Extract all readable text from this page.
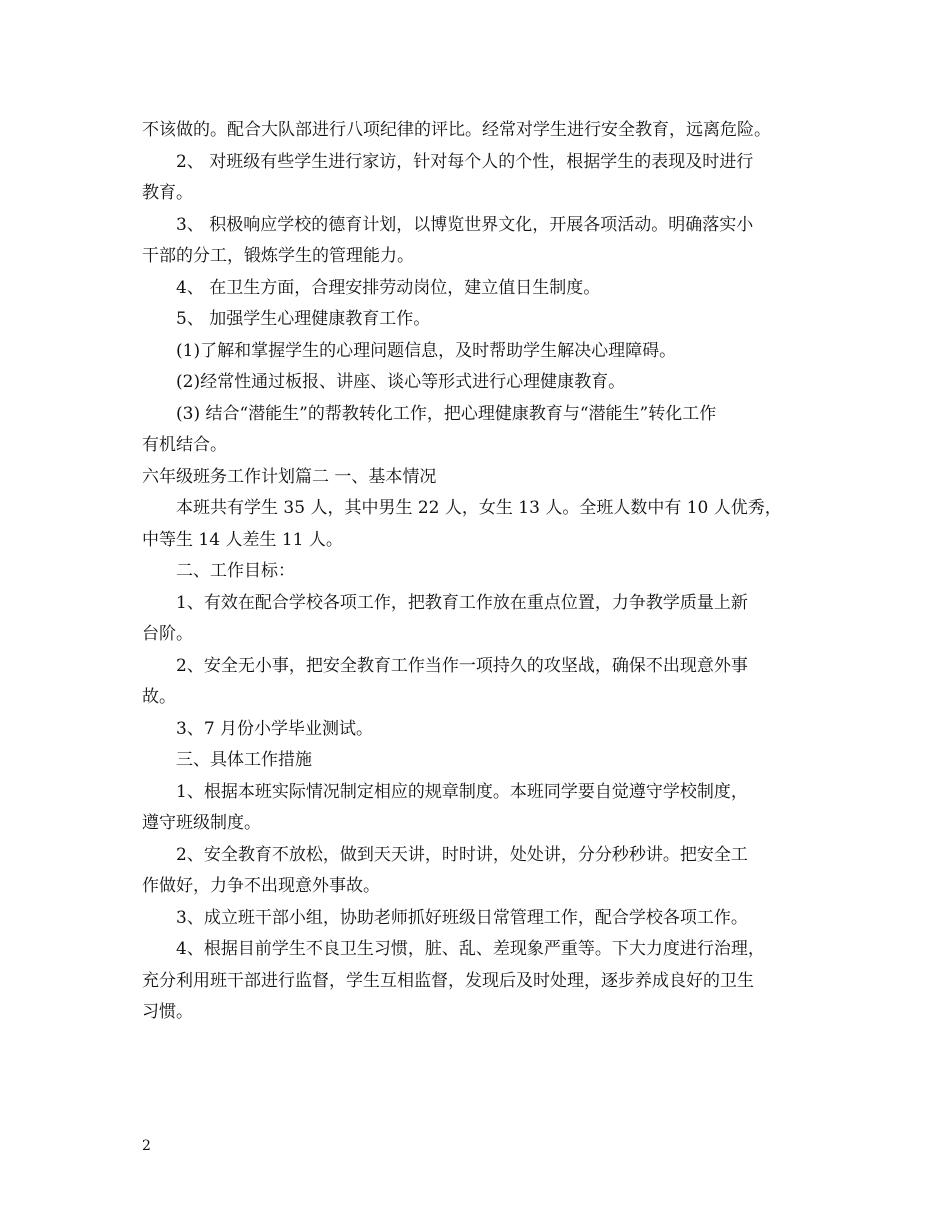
不该做的。配合大队部进行八项纪律的评比。经常对学生进行安全教育，远离危险。
2、 对班级有些学生进行家访，针对每个人的个性，根据学生的表现及时进行
教育。
3、 积极响应学校的德育计划，以博览世界文化，开展各项活动。明确落实小
干部的分工，锻炼学生的管理能力。
4、 在卫生方面，合理安排劳动岗位，建立值日生制度。
5、 加强学生心理健康教育工作。
(1)了解和掌握学生的心理问题信息，及时帮助学生解决心理障碍。
(2)经常性通过板报、讲座、谈心等形式进行心理健康教育。
(3) 结合“潜能生”的帮教转化工作，把心理健康教育与“潜能生”转化工作
有机结合。
六年级班务工作计划篇二 一、基本情况
本班共有学生 35 人，其中男生 22 人，女生 13 人。全班人数中有 10 人优秀，
中等生 14 人差生 11 人。
二、工作目标：
1、有效在配合学校各项工作，把教育工作放在重点位置，力争教学质量上新
台阶。
2、安全无小事，把安全教育工作当作一项持久的攻坚战，确保不出现意外事
故。
3、7 月份小学毕业测试。
三、具体工作措施
1、根据本班实际情况制定相应的规章制度。本班同学要自觉遵守学校制度，
遵守班级制度。
2、安全教育不放松，做到天天讲，时时讲，处处讲，分分秒秒讲。把安全工
作做好，力争不出现意外事故。
3、成立班干部小组，协助老师抓好班级日常管理工作，配合学校各项工作。
4、根据目前学生不良卫生习惯，脏、乱、差现象严重等。下大力度进行治理，
充分利用班干部进行监督，学生互相监督，发现后及时处理，逐步养成良好的卫生
习惯。
2
